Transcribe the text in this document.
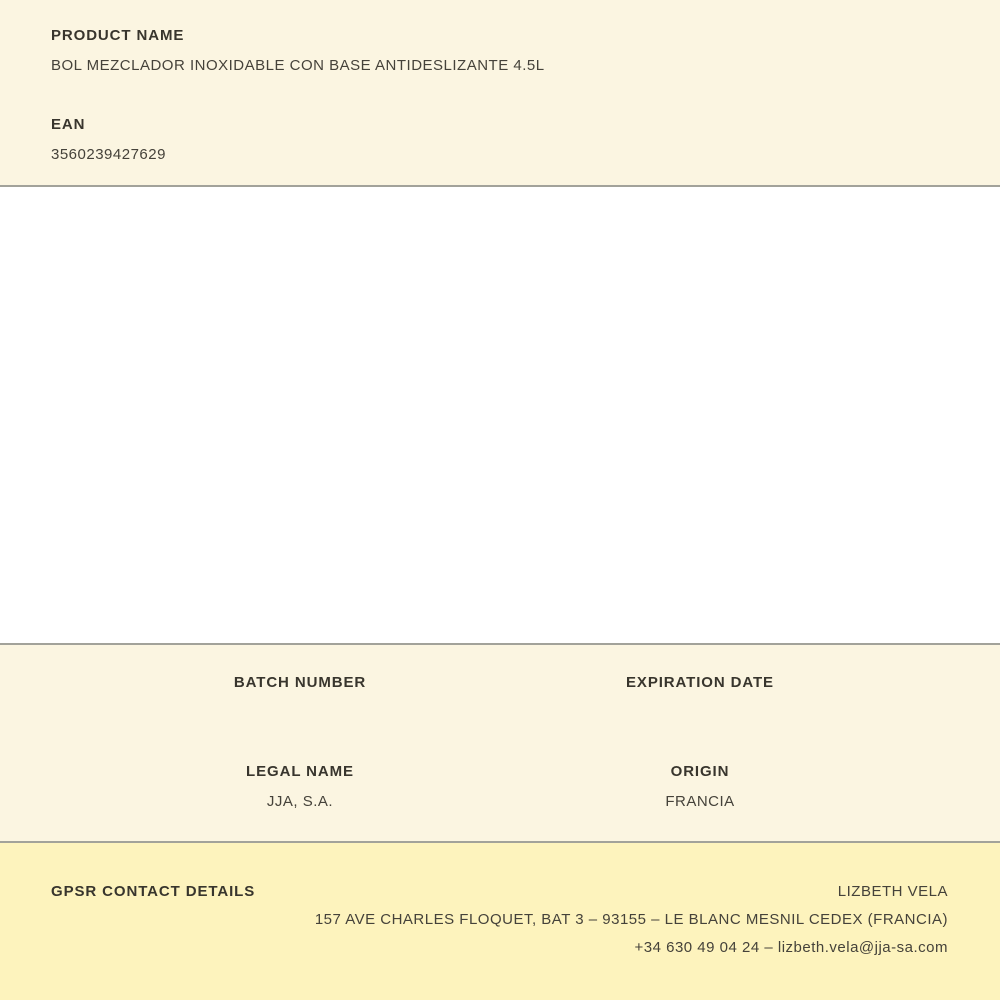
PRODUCT NAME
BOL MEZCLADOR INOXIDABLE CON BASE ANTIDESLIZANTE 4.5L
EAN
3560239427629
BATCH NUMBER	EXPIRATION DATE
LEGAL NAME
JJA, S.A.
ORIGIN
FRANCIA
GPSR CONTACT DETAILS	LIZBETH VELA
157 AVE CHARLES FLOQUET, BAT 3 – 93155 – LE BLANC MESNIL CEDEX (FRANCIA)
+34 630 49 04 24 – lizbeth.vela@jja-sa.com
